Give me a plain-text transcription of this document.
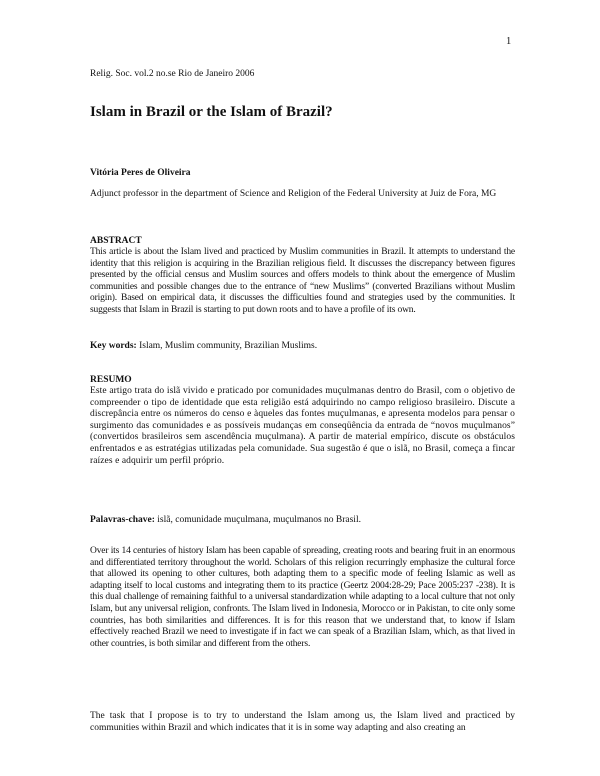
1
Relig. Soc. vol.2 no.se Rio de Janeiro 2006
Islam in Brazil or the Islam of Brazil?
Vitória Peres de Oliveira
Adjunct professor in the department of Science and Religion of the Federal University at Juiz de Fora, MG
ABSTRACT

This article is about the Islam lived and practiced by Muslim communities in Brazil. It attempts to understand the identity that this religion is acquiring in the Brazilian religious field. It discusses the discrepancy between figures presented by the official census and Muslim sources and offers models to think about the emergence of Muslim communities and possible changes due to the entrance of “new Muslims” (converted Brazilians without Muslim origin). Based on empirical data, it discusses the difficulties found and strategies used by the communities. It suggests that Islam in Brazil is starting to put down roots and to have a profile of its own.

Key words: Islam, Muslim community, Brazilian Muslims.
RESUMO

Este artigo trata do islã vivido e praticado por comunidades muçulmanas dentro do Brasil, com o objetivo de compreender o tipo de identidade que esta religião está adquirindo no campo religioso brasileiro. Discute a discrepância entre os números do censo e àqueles das fontes muçulmanas, e apresenta modelos para pensar o surgimento das comunidades e as possíveis mudanças em conseqüência da entrada de “novos muçulmanos” (convertidos brasileiros sem ascendência muçulmana). A partir de material empírico, discute os obstáculos enfrentados e as estratégias utilizadas pela comunidade. Sua sugestão é que o islã, no Brasil, começa a fincar raízes e adquirir um perfil próprio.

Palavras-chave: islã, comunidade muçulmana, muçulmanos no Brasil.

Over its 14 centuries of history Islam has been capable of spreading, creating roots and bearing fruit in an enormous and differentiated territory throughout the world. Scholars of this religion recurringly emphasize the cultural force that allowed its opening to other cultures, both adapting them to a specific mode of feeling Islamic as well as adapting itself to local customs and integrating them to its practice (Geertz 2004:28-29; Pace 2005:237 -238). It is this dual challenge of remaining faithful to a universal standardization while adapting to a local culture that not only Islam, but any universal religion, confronts. The Islam lived in Indonesia, Morocco or in Pakistan, to cite only some countries, has both similarities and differences. It is for this reason that we understand that, to know if Islam effectively reached Brazil we need to investigate if in fact we can speak of a Brazilian Islam, which, as that lived in other countries, is both similar and different from the others.

The task that I propose is to try to understand the Islam among us, the Islam lived and practiced by communities within Brazil and which indicates that it is in some way adapting and also creating an
